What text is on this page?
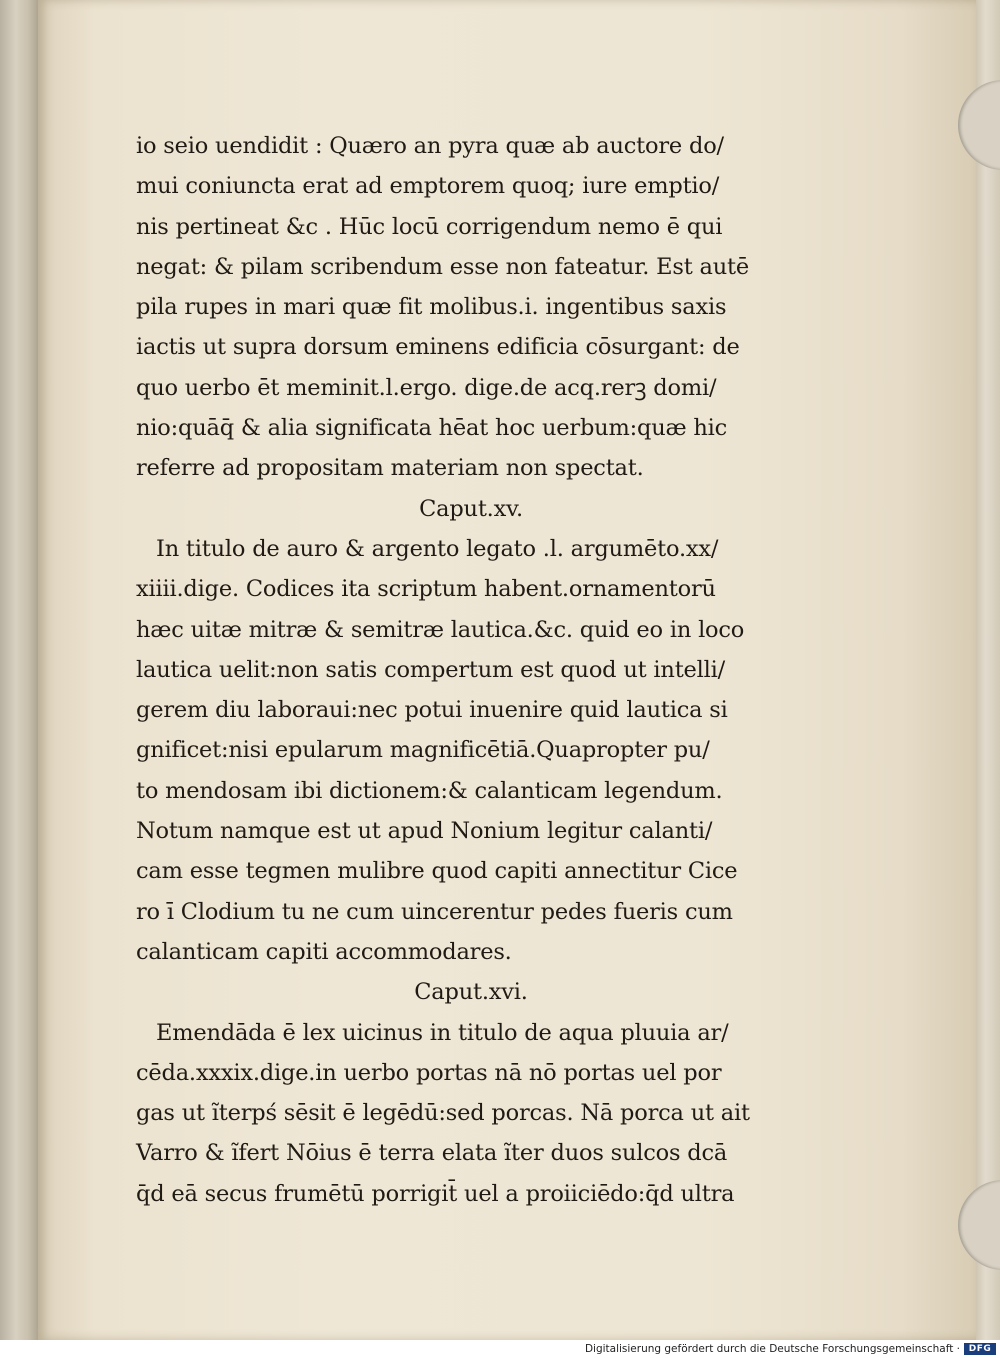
io seio uendidit : Quæro an pyra quæ ab auctore do/
mui coniuncta erat ad emptorem quoq; iure emptio/
nis pertineat &c . Hūc locū corrigendum nemo ē qui
negat: & pilam scribendum esse non fateatur. Est autē
pila rupes in mari quæ fit molibus.i. ingentibus saxis
iactis ut supra dorsum eminens edificia cōsurgant: de
quo uerbo ēt meminit.l.ergo. dige.de acq.rerꝫ domi/
nio:quāq̄ & alia significata hēat hoc uerbum:quæ hic
referre ad propositam materiam non spectat.
Caput.xv.
In titulo de auro & argento legato .l. argumēto.xx/
xiiii.dige. Codices ita scriptum habent.ornamentorū
hæc uitæ mitræ & semitræ lautica.&c. quid eo in loco
lautica uelit:non satis compertum est quod ut intelli/
gerem diu laboraui:nec potui inuenire quid lautica si
gnificet:nisi epularum magnificētiā.Quapropter pu/
to mendosam ibi dictionem:& calanticam legendum.
Notum namque est ut apud Nonium legitur calanti/
cam esse tegmen mulibre quod capiti annectitur Cice
ro ī Clodium tu ne cum uincerentur pedes fueris cum
calanticam capiti accommodares.
Caput.xvi.
Emendāda ē lex uicinus in titulo de aqua pluuia ar/
cēda.xxxix.dige.in uerbo portas nā nō portas uel por
gas ut ĩterpś sēsit ē legēdū:sed porcas. Nā porca ut ait
Varro & ĩfert Nōius ē terra elata ĩter duos sulcos dcā
q̄d eā secus frumētū porrigit̄ uel a proiiciēdo:q̄d ultra
Digitalisierung gefördert durch die Deutsche Forschungsgemeinschaft · DFG
